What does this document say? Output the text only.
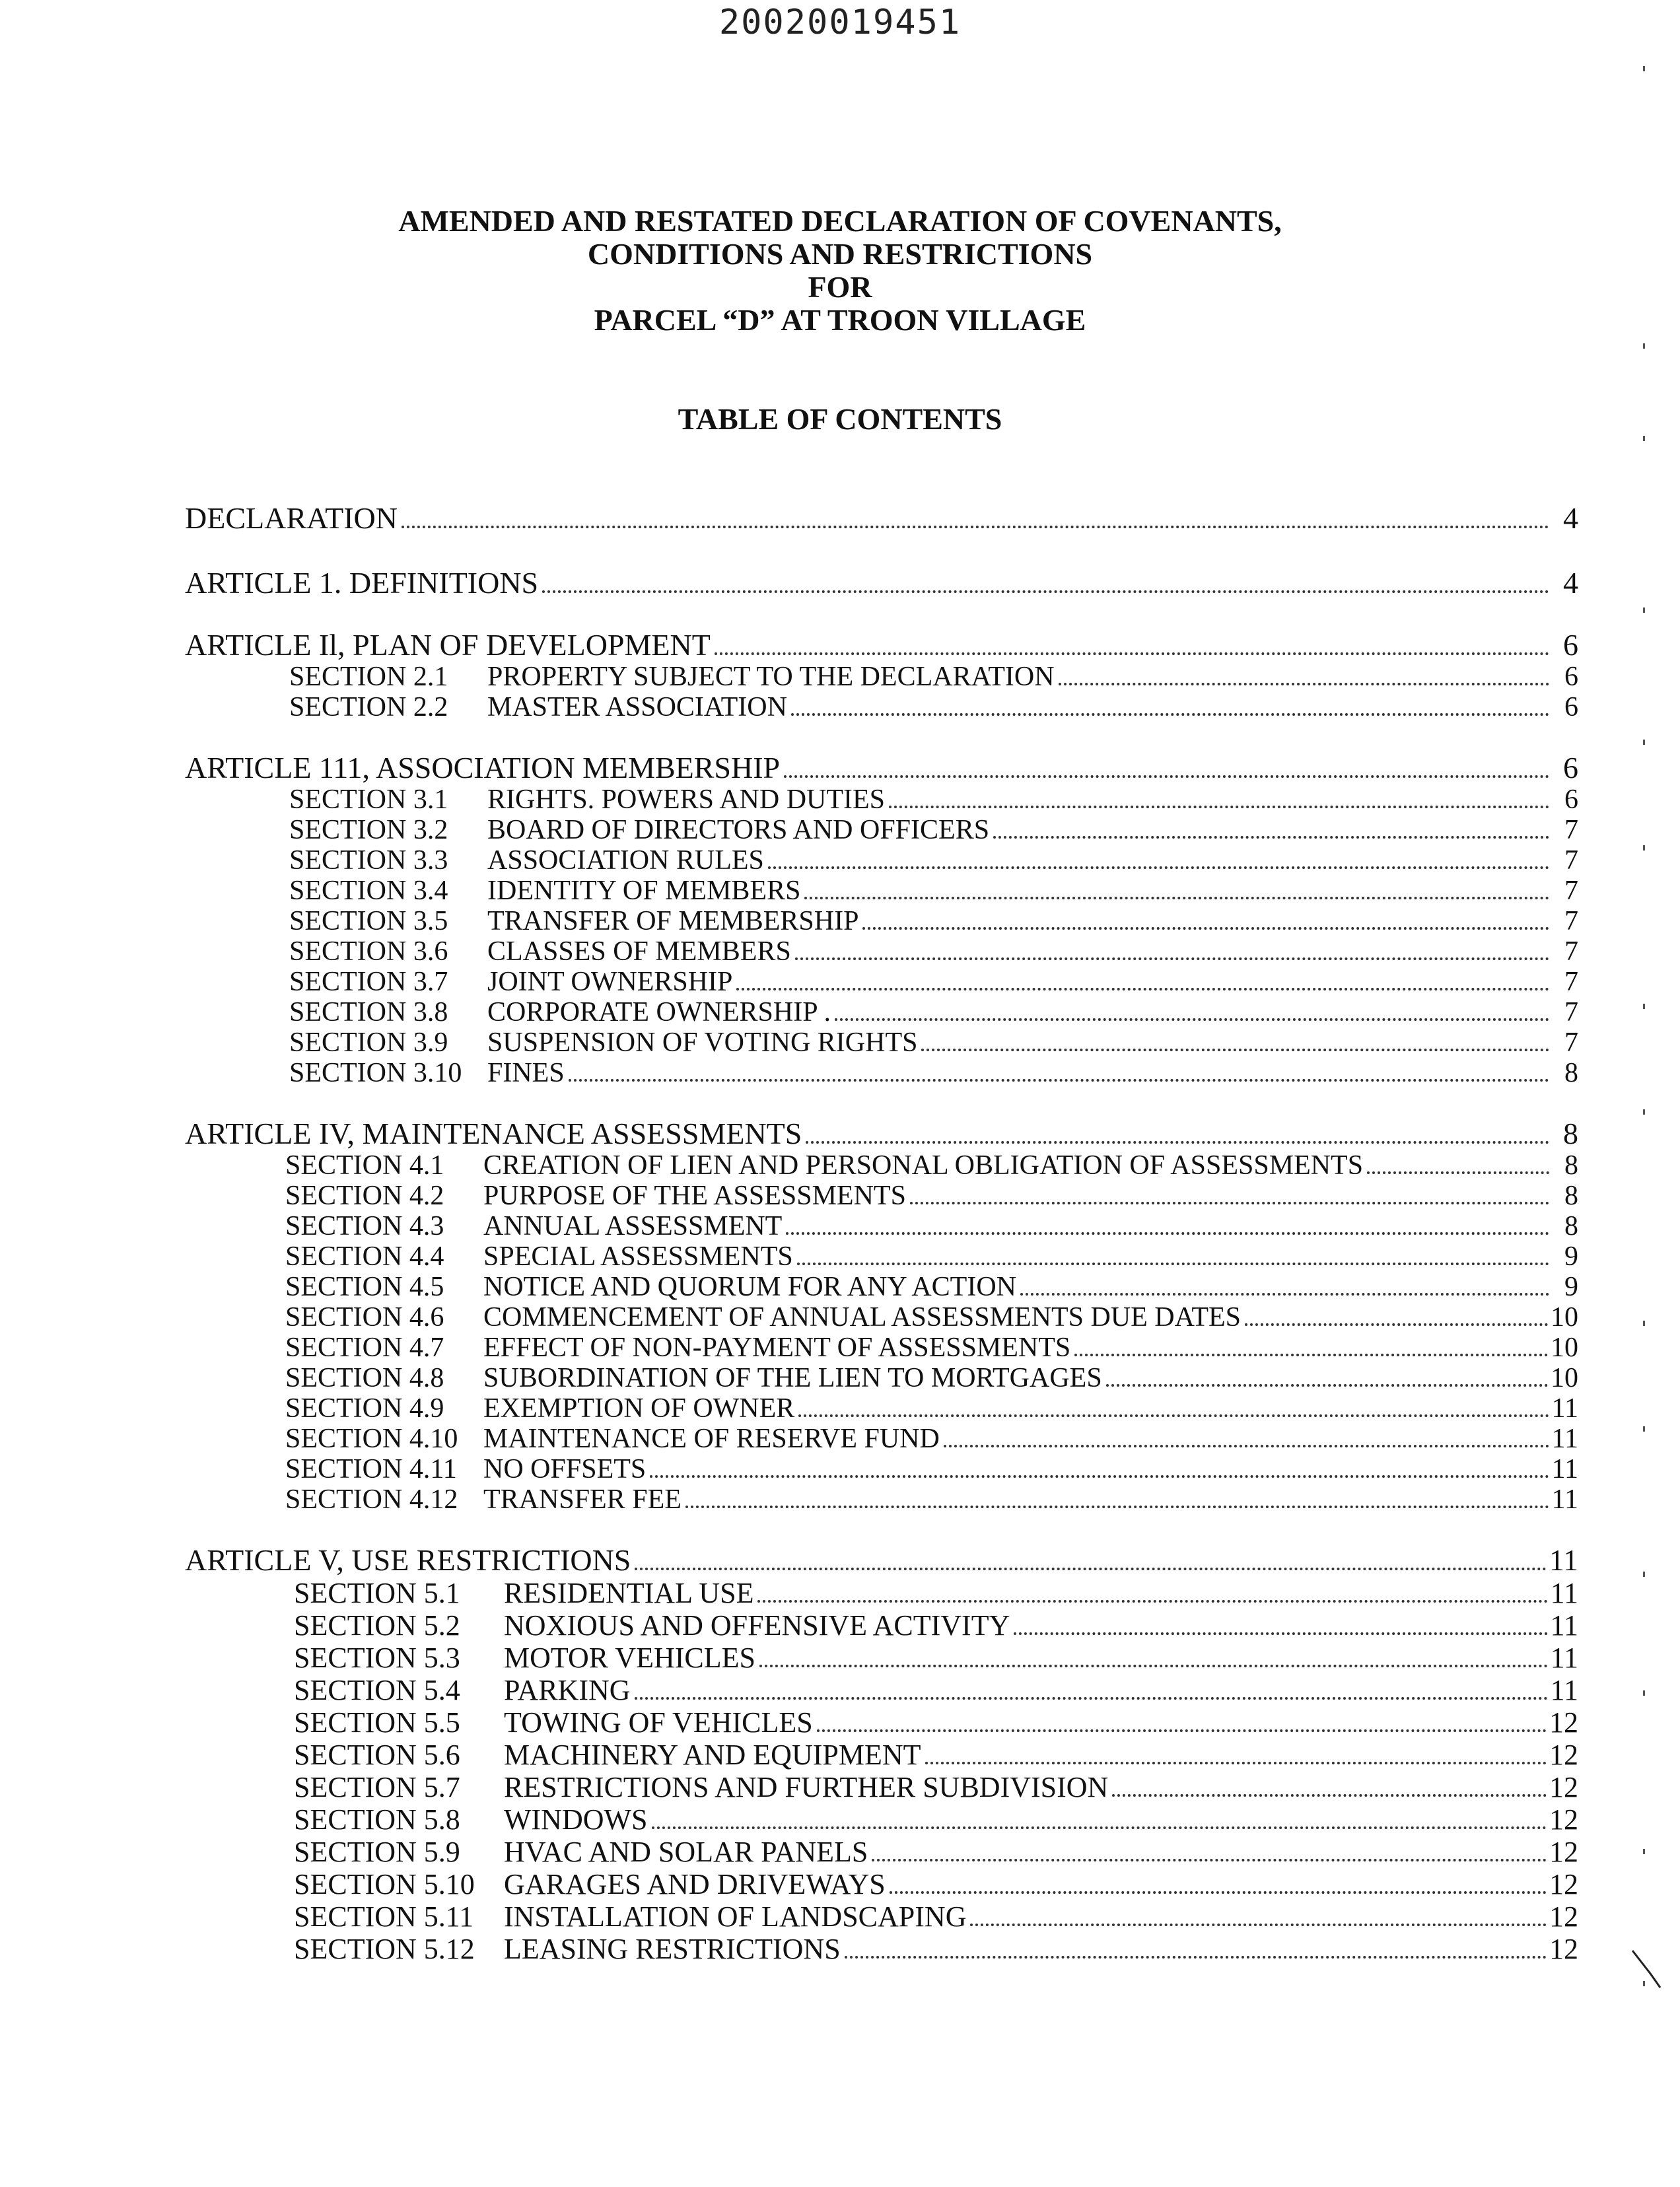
20020019451
AMENDED AND RESTATED DECLARATION OF COVENANTS,
CONDITIONS AND RESTRICTIONS
FOR
PARCEL “D” AT TROON VILLAGE
TABLE OF CONTENTS
DECLARATION	4
ARTICLE 1. DEFINITIONS	4
ARTICLE Il, PLAN OF DEVELOPMENT	6
SECTION 2.1	PROPERTY SUBJECT TO THE DECLARATION	6
SECTION 2.2	MASTER ASSOCIATION	6
ARTICLE 111, ASSOCIATION MEMBERSHIP	6
SECTION 3.1	RIGHTS. POWERS AND DUTIES	6
SECTION 3.2	BOARD OF DIRECTORS AND OFFICERS	7
SECTION 3.3	ASSOCIATION RULES	7
SECTION 3.4	IDENTITY OF MEMBERS	7
SECTION 3.5	TRANSFER OF MEMBERSHIP	7
SECTION 3.6	CLASSES OF MEMBERS	7
SECTION 3.7	JOINT OWNERSHIP	7
SECTION 3.8	CORPORATE OWNERSHIP .	7
SECTION 3.9	SUSPENSION OF VOTING RIGHTS	7
SECTION 3.10 FINES	8
ARTICLE IV, MAINTENANCE ASSESSMENTS	8
SECTION 4.1	CREATION OF LIEN AND PERSONAL OBLIGATION OF ASSESSMENTS	8
SECTION 4.2	PURPOSE OF THE ASSESSMENTS	8
SECTION 4.3	ANNUAL ASSESSMENT	8
SECTION 4.4	SPECIAL ASSESSMENTS	9
SECTION 4.5	NOTICE AND QUORUM FOR ANY ACTION	9
SECTION 4.6	COMMENCEMENT OF ANNUAL ASSESSMENTS DUE DATES	10
SECTION 4.7	EFFECT OF NON-PAYMENT OF ASSESSMENTS	10
SECTION 4.8	SUBORDINATION OF THE LIEN TO MORTGAGES	10
SECTION 4.9	EXEMPTION OF OWNER	11
SECTION 4.10 MAINTENANCE OF RESERVE FUND	11
SECTION 4.11 NO OFFSETS	11
SECTION 4.12 TRANSFER FEE	11
ARTICLE V, USE RESTRICTIONS	11
SECTION 5.1	RESIDENTIAL USE	11
SECTION 5.2	NOXIOUS AND OFFENSIVE ACTIVITY	11
SECTION 5.3	MOTOR VEHICLES	11
SECTION 5.4	PARKING	11
SECTION 5.5	TOWING OF VEHICLES	12
SECTION 5.6	MACHINERY AND EQUIPMENT	12
SECTION 5.7	RESTRICTIONS AND FURTHER SUBDIVISION	12
SECTION 5.8	WINDOWS	12
SECTION 5.9	HVAC AND SOLAR PANELS	12
SECTION 5.10	GARAGES AND DRIVEWAYS	12
SECTION 5.11	INSTALLATION OF LANDSCAPING	12
SECTION 5.12	LEASING RESTRICTIONS	12
